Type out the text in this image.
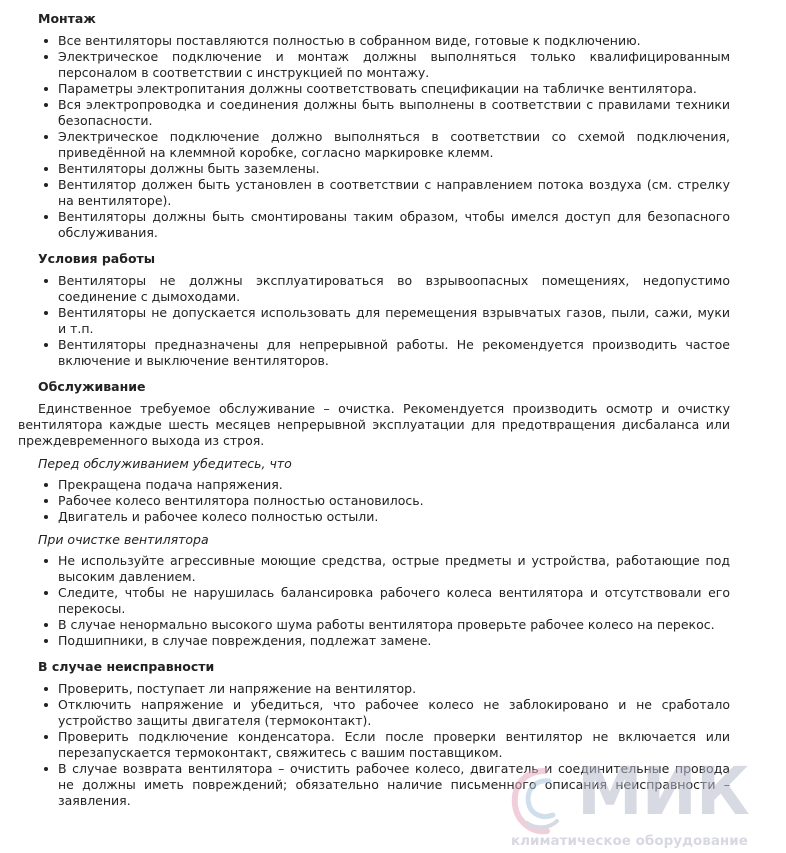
Монтаж
Все вентиляторы поставляются полностью в собранном виде, готовые к подключению.
Электрическое подключение и монтаж должны выполняться только квалифицированным персоналом в соответствии с инструкцией по монтажу.
Параметры электропитания должны соответствовать спецификации на табличке вентилятора.
Вся электропроводка и соединения должны быть выполнены в соответствии с правилами техники безопасности.
Электрическое подключение должно выполняться в соответствии со схемой подключения, приведённой на клеммной коробке, согласно маркировке клемм.
Вентиляторы должны быть заземлены.
Вентилятор должен быть установлен в соответствии с направлением потока воздуха (см. стрелку на вентиляторе).
Вентиляторы должны быть смонтированы таким образом, чтобы имелся доступ для безопасного обслуживания.
Условия работы
Вентиляторы не должны эксплуатироваться во взрывоопасных помещениях, недопустимо соединение с дымоходами.
Вентиляторы не допускается использовать для перемещения взрывчатых газов, пыли, сажи, муки и т.п.
Вентиляторы предназначены для непрерывной работы. Не рекомендуется производить частое включение и выключение вентиляторов.
Обслуживание

Единственное требуемое обслуживание – очистка. Рекомендуется производить осмотр и очистку вентилятора каждые шесть месяцев непрерывной эксплуатации для предотвращения дисбаланса или преждевременного выхода из строя.

Перед обслуживанием убедитесь, что

Прекращена подача напряжения.
Рабочее колесо вентилятора полностью остановилось.
Двигатель и рабочее колесо полностью остыли.

При очистке вентилятора

Не используйте агрессивные моющие средства, острые предметы и устройства, работающие под высоким давлением.
Следите, чтобы не нарушилась балансировка рабочего колеса вентилятора и отсутствовали его перекосы.
В случае ненормально высокого шума работы вентилятора проверьте рабочее колесо на перекос.
Подшипники, в случае повреждения, подлежат замене.
В случае неисправности
Проверить, поступает ли напряжение на вентилятор.
Отключить напряжение и убедиться, что рабочее колесо не заблокировано и не сработало устройство защиты двигателя (термоконтакт).
Проверить подключение конденсатора. Если после проверки вентилятор не включается или перезапускается термоконтакт, свяжитесь с вашим поставщиком.
В случае возврата вентилятора – очистить рабочее колесо, двигатель и соединительные провода не должны иметь повреждений; обязательно наличие письменного описания неисправности – заявления.	МИК
климатическое оборудование
